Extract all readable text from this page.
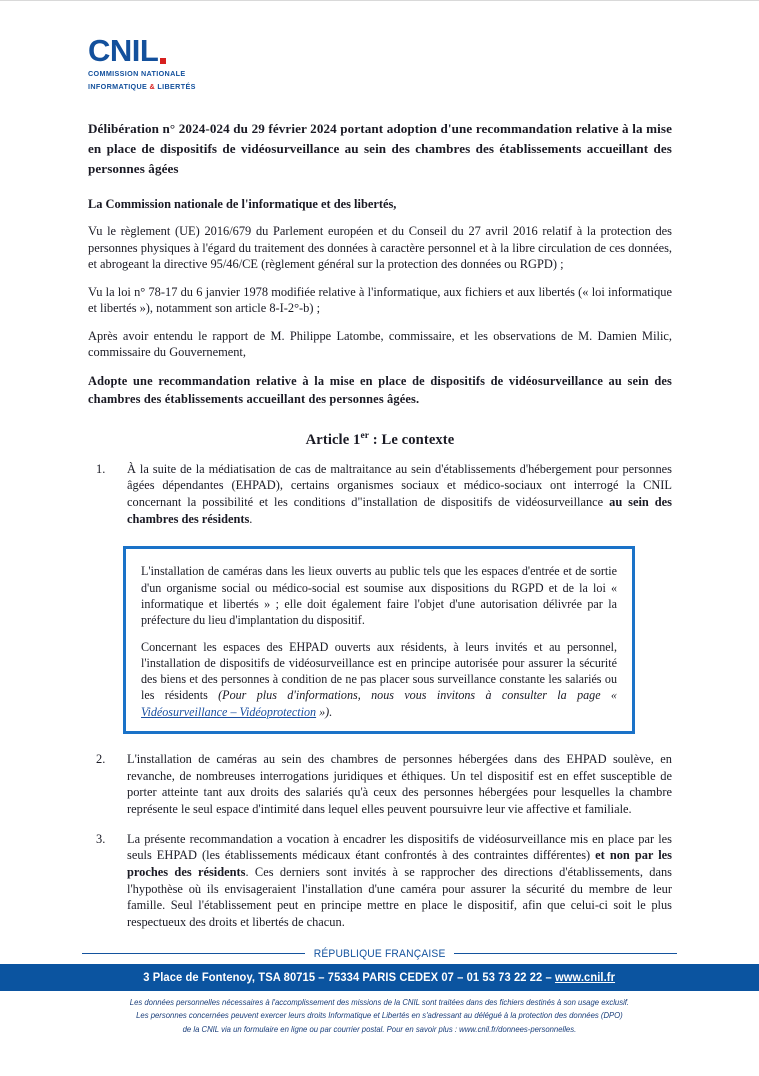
CNIL
COMMISSION NATIONALE
INFORMATIQUE & LIBERTÉS

Délibération n° 2024-024 du 29 février 2024 portant adoption d'une recommandation relative à la mise en place de dispositifs de vidéosurveillance au sein des chambres des établissements accueillant des personnes âgées

La Commission nationale de l'informatique et des libertés,

Vu le règlement (UE) 2016/679 du Parlement européen et du Conseil du 27 avril 2016 relatif à la protection des personnes physiques à l'égard du traitement des données à caractère personnel et à la libre circulation de ces données, et abrogeant la directive 95/46/CE (règlement général sur la protection des données ou RGPD) ;

Vu la loi n° 78-17 du 6 janvier 1978 modifiée relative à l'informatique, aux fichiers et aux libertés (« loi informatique et libertés »), notamment son article 8-I-2°-b) ;

Après avoir entendu le rapport de M. Philippe Latombe, commissaire, et les observations de M. Damien Milic, commissaire du Gouvernement,

Adopte une recommandation relative à la mise en place de dispositifs de vidéosurveillance au sein des chambres des établissements accueillant des personnes âgées.

Article 1er : Le contexte
1.	À la suite de la médiatisation de cas de maltraitance au sein d'établissements d'hébergement pour personnes âgées dépendantes (EHPAD), certains organismes sociaux et médico-sociaux ont interrogé la CNIL concernant la possibilité et les conditions d"installation de dispositifs de vidéosurveillance au sein des chambres des résidents.

L'installation de caméras dans les lieux ouverts au public tels que les espaces d'entrée et de sortie d'un organisme social ou médico-social est soumise aux dispositions du RGPD et de la loi « informatique et libertés » ; elle doit également faire l'objet d'une autorisation délivrée par la préfecture du lieu d'implantation du dispositif.

Concernant les espaces des EHPAD ouverts aux résidents, à leurs invités et au personnel, l'installation de dispositifs de vidéosurveillance est en principe autorisée pour assurer la sécurité des biens et des personnes à condition de ne pas placer sous surveillance constante les salariés ou les résidents (Pour plus d'informations, nous vous invitons à consulter la page « Vidéosurveillance – Vidéoprotection »).

2.	L'installation de caméras au sein des chambres de personnes hébergées dans des EHPAD soulève, en revanche, de nombreuses interrogations juridiques et éthiques. Un tel dispositif est en effet susceptible de porter atteinte tant aux droits des salariés qu'à ceux des personnes hébergées pour lesquelles la chambre représente le seul espace d'intimité dans lequel elles peuvent poursuivre leur vie affective et familiale.
3.	La présente recommandation a vocation à encadrer les dispositifs de vidéosurveillance mis en place par les seuls EHPAD (les établissements médicaux étant confrontés à des contraintes différentes) et non par les proches des résidents. Ces derniers sont invités à se rapprocher des directions d'établissements, dans l'hypothèse où ils envisageraient l'installation d'une caméra pour assurer la sécurité du membre de leur famille. Seul l'établissement peut en principe mettre en place le dispositif, afin que celui-ci soit le plus respectueux des droits et libertés de chacun.
RÉPUBLIQUE FRANÇAISE
3 Place de Fontenoy, TSA 80715 – 75334 PARIS CEDEX 07 – 01 53 73 22 22 – www.cnil.fr
Les données personnelles nécessaires à l'accomplissement des missions de la CNIL sont traitées dans des fichiers destinés à son usage exclusif.
Les personnes concernées peuvent exercer leurs droits Informatique et Libertés en s'adressant au délégué à la protection des données (DPO)
de la CNIL via un formulaire en ligne ou par courrier postal. Pour en savoir plus : www.cnil.fr/donnees-personnelles.
